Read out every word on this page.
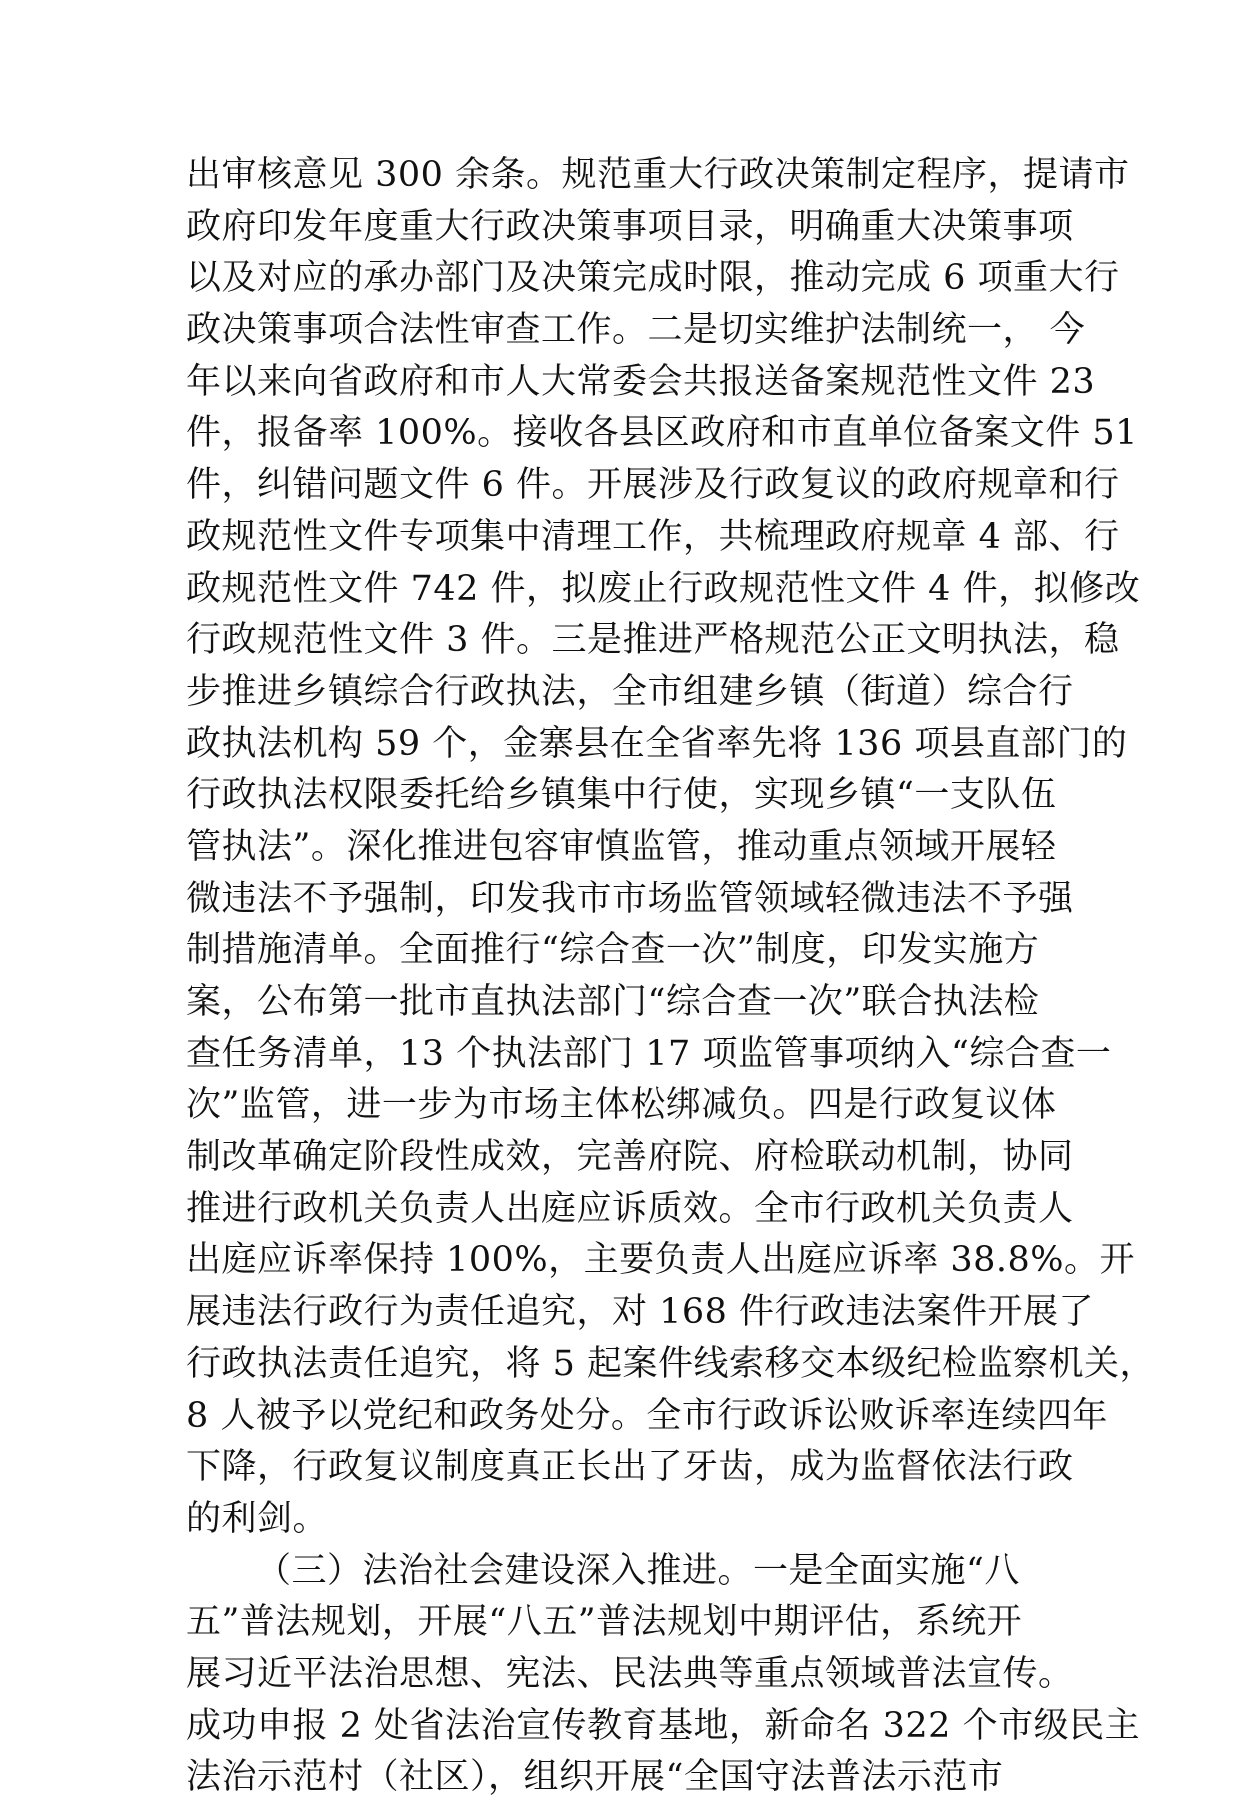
出审核意见 300 余条。规范重大行政决策制定程序，提请市
政府印发年度重大行政决策事项目录，明确重大决策事项
以及对应的承办部门及决策完成时限，推动完成 6 项重大行
政决策事项合法性审查工作。二是切实维护法制统一， 今
年以来向省政府和市人大常委会共报送备案规范性文件 23
件，报备率 100%。接收各县区政府和市直单位备案文件 51
件，纠错问题文件 6 件。开展涉及行政复议的政府规章和行
政规范性文件专项集中清理工作，共梳理政府规章 4 部、行
政规范性文件 742 件，拟废止行政规范性文件 4 件，拟修改
行政规范性文件 3 件。三是推进严格规范公正文明执法，稳
步推进乡镇综合行政执法，全市组建乡镇（街道）综合行
政执法机构 59 个，金寨县在全省率先将 136 项县直部门的
行政执法权限委托给乡镇集中行使，实现乡镇“一支队伍
管执法”。深化推进包容审慎监管，推动重点领域开展轻
微违法不予强制，印发我市市场监管领域轻微违法不予强
制措施清单。全面推行“综合查一次”制度，印发实施方
案，公布第一批市直执法部门“综合查一次”联合执法检
查任务清单，13 个执法部门 17 项监管事项纳入“综合查一
次”监管，进一步为市场主体松绑减负。四是行政复议体
制改革确定阶段性成效，完善府院、府检联动机制，协同
推进行政机关负责人出庭应诉质效。全市行政机关负责人
出庭应诉率保持 100%，主要负责人出庭应诉率 38.8%。开
展违法行政行为责任追究，对 168 件行政违法案件开展了
行政执法责任追究，将 5 起案件线索移交本级纪检监察机关，
8 人被予以党纪和政务处分。全市行政诉讼败诉率连续四年
下降，行政复议制度真正长出了牙齿，成为监督依法行政
的利剑。
（三）法治社会建设深入推进。一是全面实施“八
五”普法规划，开展“八五”普法规划中期评估，系统开
展习近平法治思想、宪法、民法典等重点领域普法宣传。
成功申报 2 处省法治宣传教育基地，新命名 322 个市级民主
法治示范村（社区），组织开展“全国守法普法示范市
